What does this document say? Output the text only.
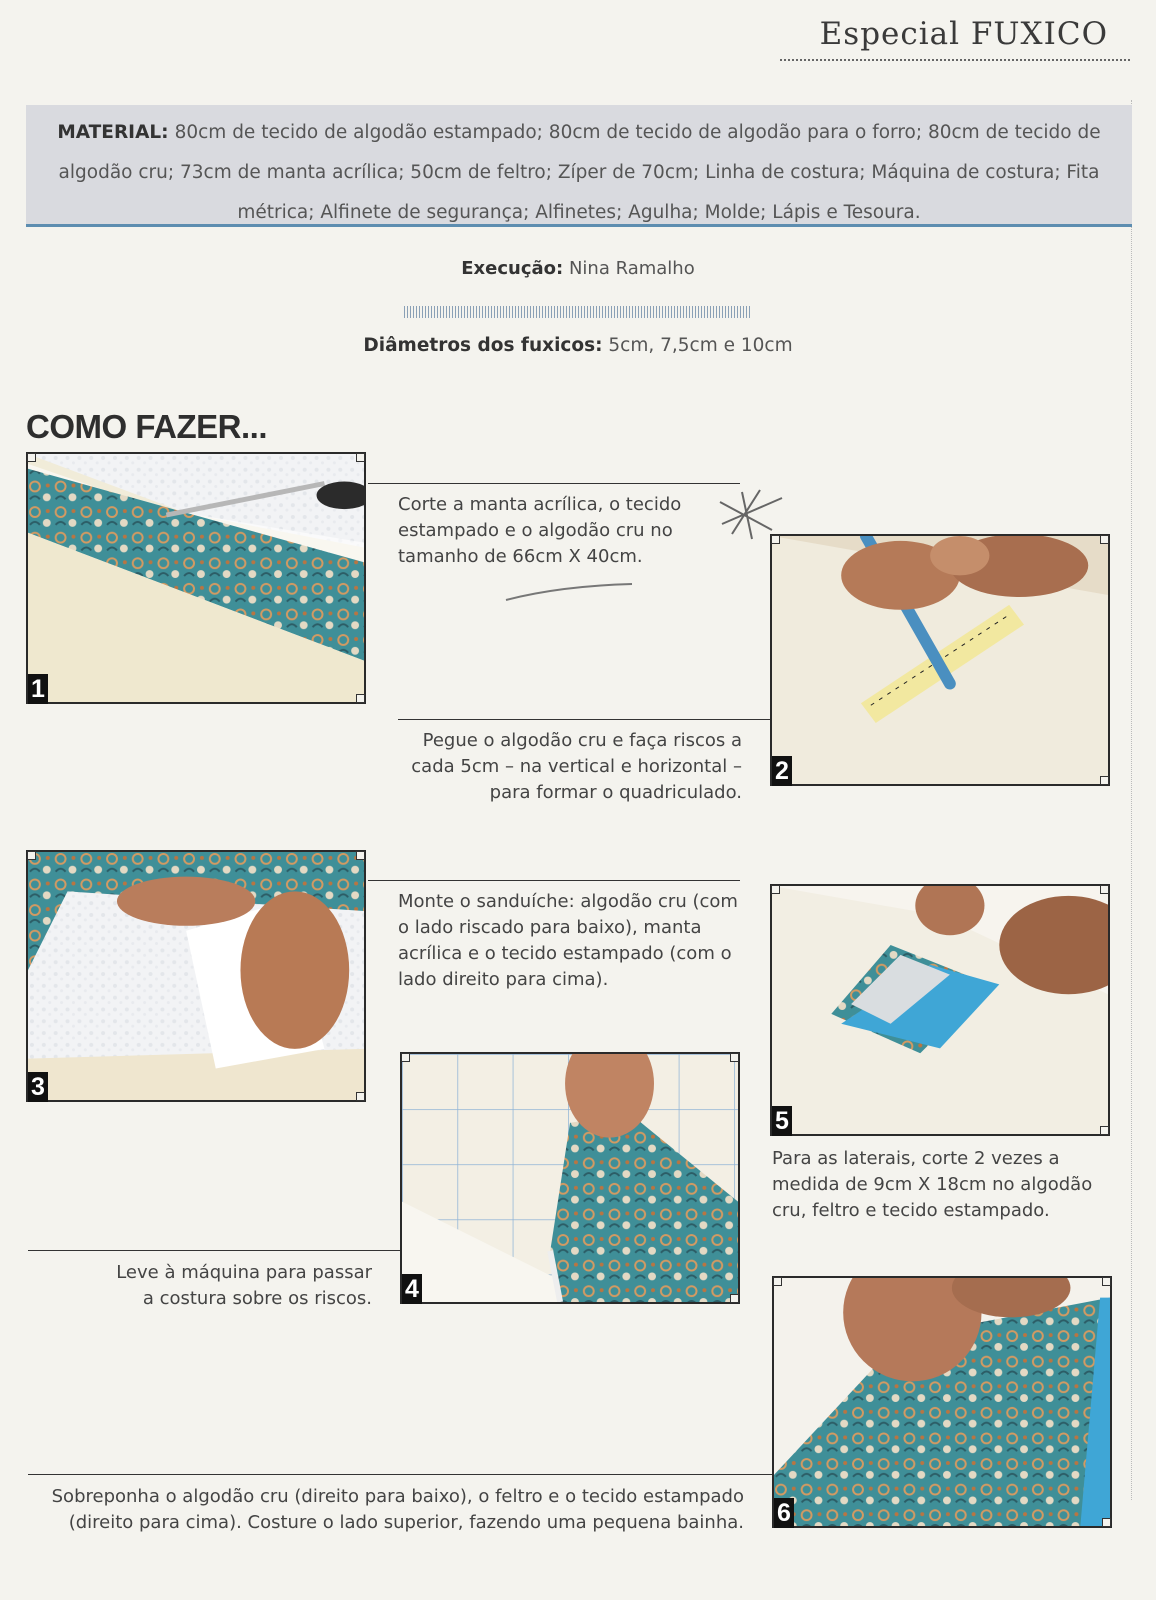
Especial FUXICO
MATERIAL: 80cm de tecido de algodão estampado; 80cm de tecido de algodão para o forro; 80cm de tecido de algodão cru; 73cm de manta acrílica; 50cm de feltro; Zíper de 70cm; Linha de costura; Máquina de costura; Fita métrica; Alfinete de segurança; Alfinetes; Agulha; Molde; Lápis e Tesoura.
Execução: Nina Ramalho
Diâmetros dos fuxicos: 5cm, 7,5cm e 10cm
COMO FAZER...
1
Corte a manta acrílica, o tecido estampado e o algodão cru no tamanho de 66cm X 40cm.
2
Pegue o algodão cru e faça riscos a cada 5cm – na vertical e horizontal – para formar o quadriculado.
3
Monte o sanduíche: algodão cru (com o lado riscado para baixo), manta acrílica e o tecido estampado (com o lado direito para cima).
4
Leve à máquina para passar a costura sobre os riscos.
5
Para as laterais, corte 2 vezes a medida de 9cm X 18cm no algodão cru, feltro e tecido estampado.
6
Sobreponha o algodão cru (direito para baixo), o feltro e o tecido estampado (direito para cima). Costure o lado superior, fazendo uma pequena bainha.
